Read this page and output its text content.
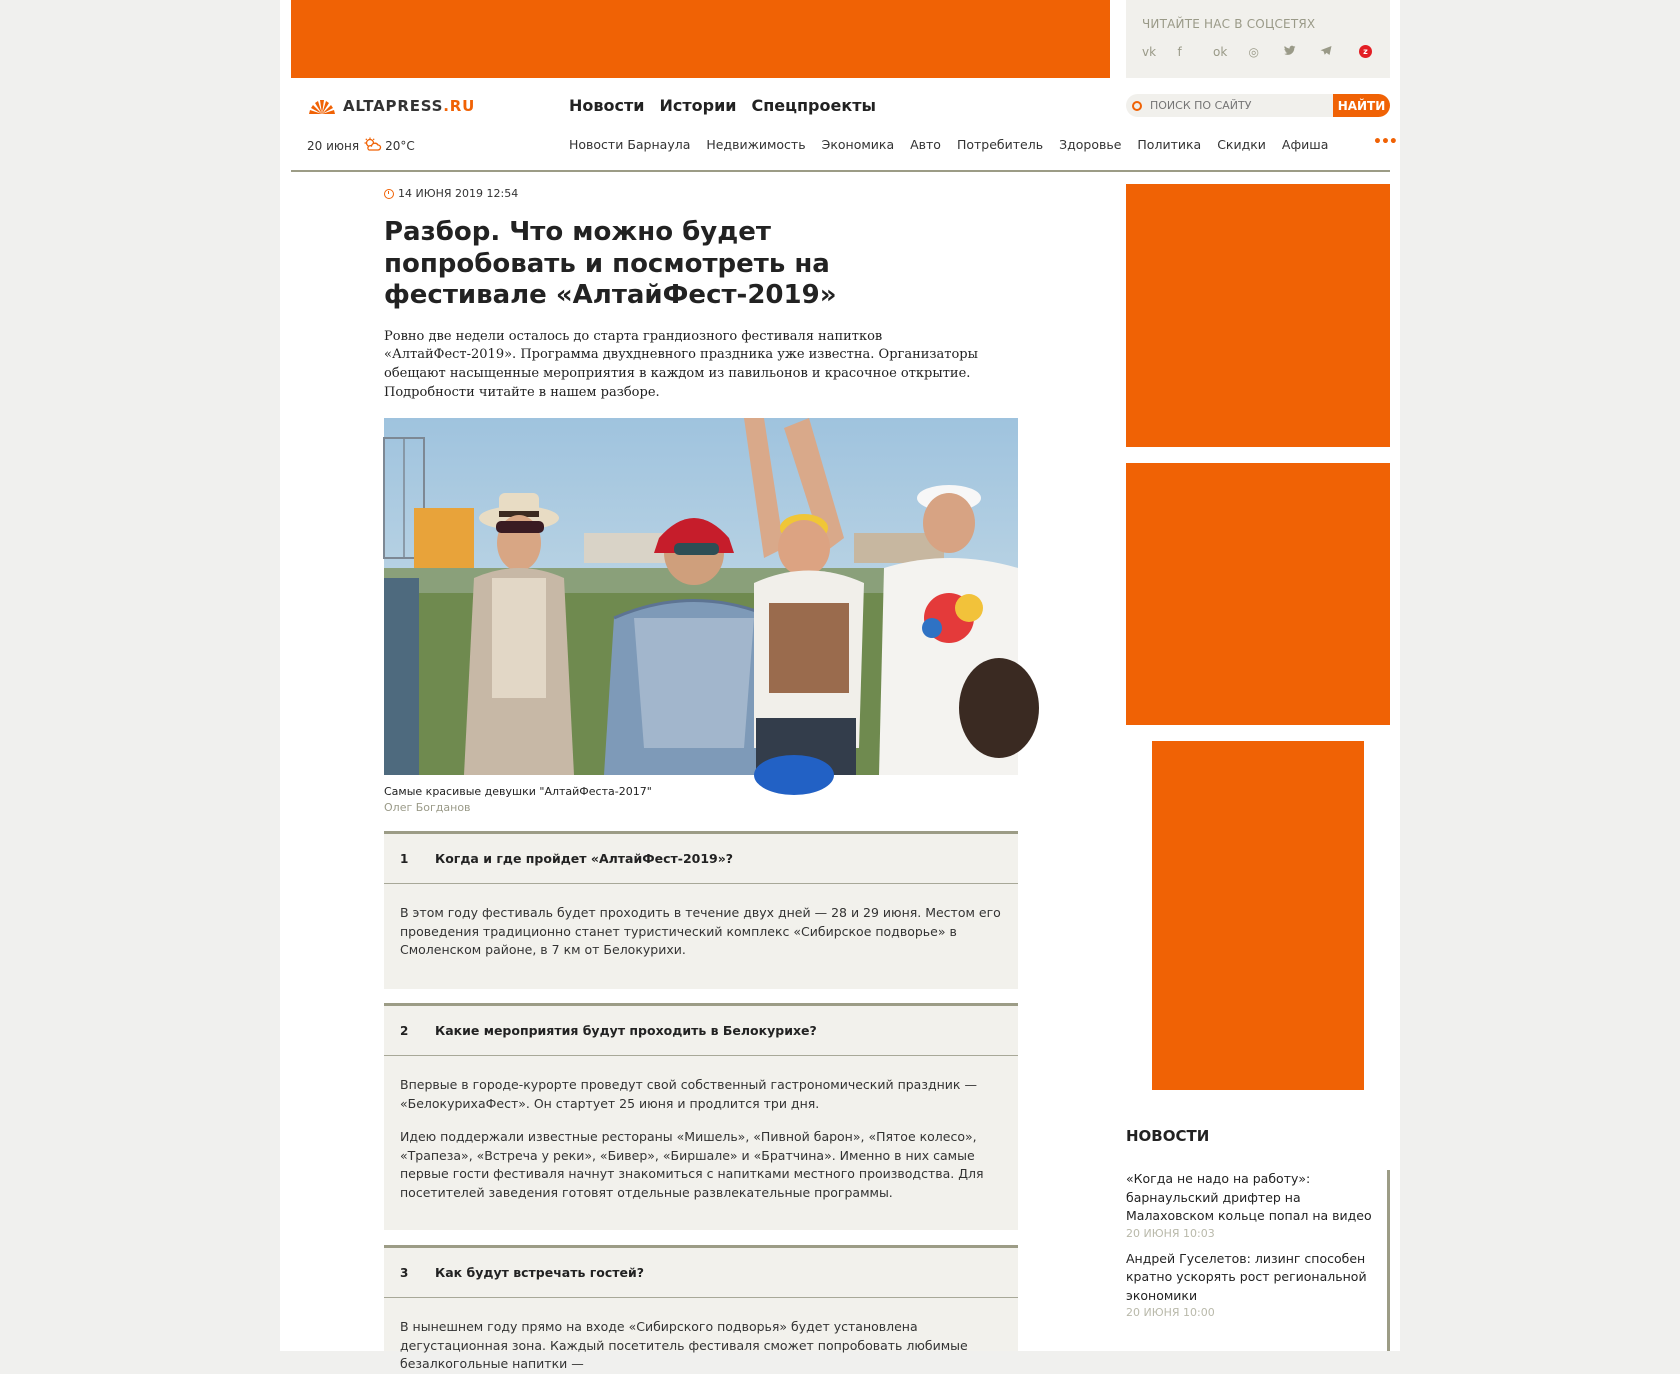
ЧИТАЙТЕ НАС В СОЦСЕТЯХ
vk	f	ok	◎	z
ALTAPRESS.RU	Новости Истории Спецпроекты
ПОИСК ПО САЙТУ	НАЙТИ
20 июня 20°C	Новости Барнаула Недвижимость Экономика Авто Потребитель Здоровье Политика Скидки Афиша	•••
14 ИЮНЯ 2019 12:54
Разбор. Что можно будет попробовать и посмотреть на фестивале «АлтайФест-2019»

Ровно две недели осталось до старта грандиозного фестиваля напитков «АлтайФест-2019». Программа двухдневного праздника уже известна. Организаторы обещают насыщенные мероприятия в каждом из павильонов и красочное открытие. Подробности читайте в нашем разборе.

Самые красивые девушки "АлтайФеста-2017"
Олег Богданов
1	Когда и где пройдет «АлтайФест-2019»?

В этом году фестиваль будет проходить в течение двух дней — 28 и 29 июня. Местом его проведения традиционно станет туристический комплекс «Сибирское подворье» в Смоленском районе, в 7 км от Белокурихи.

2	Какие мероприятия будут проходить в Белокурихе?

Впервые в городе-курорте проведут свой собственный гастрономический праздник — «БелокурихаФест». Он стартует 25 июня и продлится три дня.

Идею поддержали известные рестораны «Мишель», «Пивной барон», «Пятое колесо», «Трапеза», «Встреча у реки», «Бивер», «Биршале» и «Братчина». Именно в них самые первые гости фестиваля начнут знакомиться с напитками местного производства. Для посетителей заведения готовят отдельные развлекательные программы.

3	Как будут встречать гостей?

В нынешнем году прямо на входе «Сибирского подворья» будет установлена дегустационная зона. Каждый посетитель фестиваля сможет попробовать любимые безалкогольные напитки —

НОВОСТИ
«Когда не надо на работу»: барнаульский дрифтер на Малаховском кольце попал на видео
20 ИЮНЯ 10:03
Андрей Гуселетов: лизинг способен кратно ускорять рост региональной экономики
20 ИЮНЯ 10:00
